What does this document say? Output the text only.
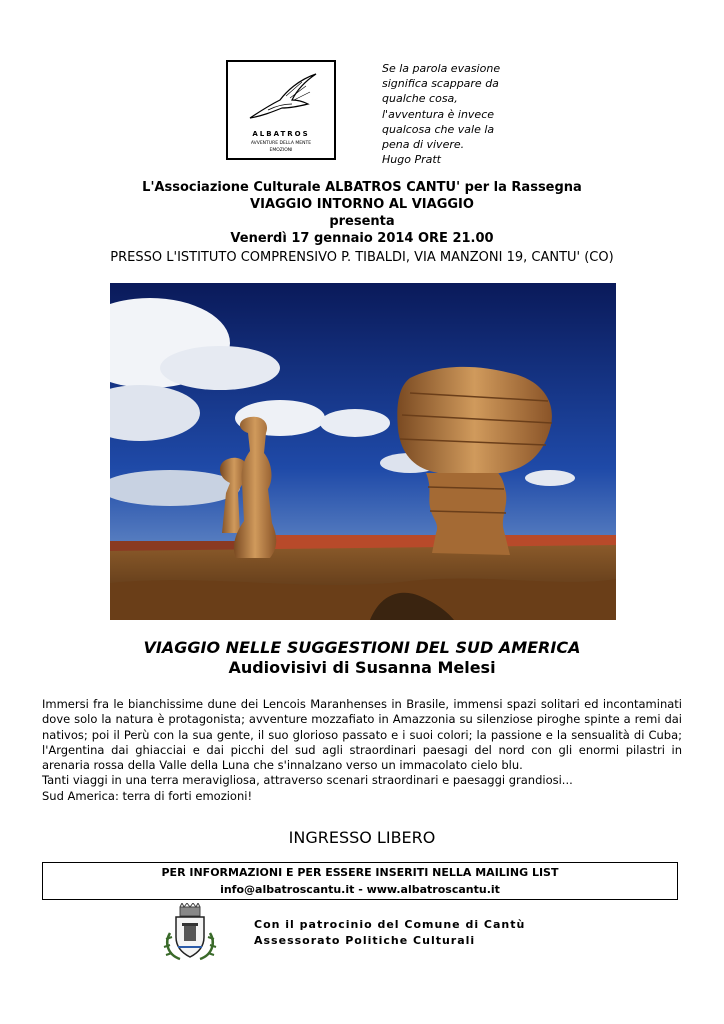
ALBATROS
AVVENTURE DELLA MENTE
EMOZIONI
Se la parola evasione
significa scappare da
qualche cosa,
l'avventura è invece
qualcosa che vale la
pena di vivere.
Hugo Pratt
L'Associazione Culturale ALBATROS CANTU' per la Rassegna
VIAGGIO INTORNO AL VIAGGIO
presenta
Venerdì 17 gennaio 2014 ORE 21.00
PRESSO L'ISTITUTO COMPRENSIVO P. TIBALDI, VIA MANZONI 19, CANTU' (CO)
VIAGGIO NELLE SUGGESTIONI DEL SUD AMERICA
Audiovisivi di Susanna Melesi

Immersi fra le bianchissime dune dei Lencois Maranhenses in Brasile, immensi spazi solitari ed incontaminati dove solo la natura è protagonista; avventure mozzafiato in Amazzonia su silenziose piroghe spinte a remi dai nativos; poi il Perù con la sua gente, il suo glorioso passato e i suoi colori; la passione e la sensualità di Cuba; l'Argentina dai ghiacciai e dai picchi del sud agli straordinari paesagi del nord con gli enormi pilastri in arenaria rossa della Valle della Luna che s'innalzano verso un immacolato cielo blu.

Tanti viaggi in una terra meravigliosa, attraverso scenari straordinari e paesaggi grandiosi...

Sud America: terra di forti emozioni!

INGRESSO LIBERO
PER INFORMAZIONI E PER ESSERE INSERITI NELLA MAILING LIST
info@albatroscantu.it - www.albatroscantu.it
Con il patrocinio del Comune di Cantù
Assessorato Politiche Culturali
